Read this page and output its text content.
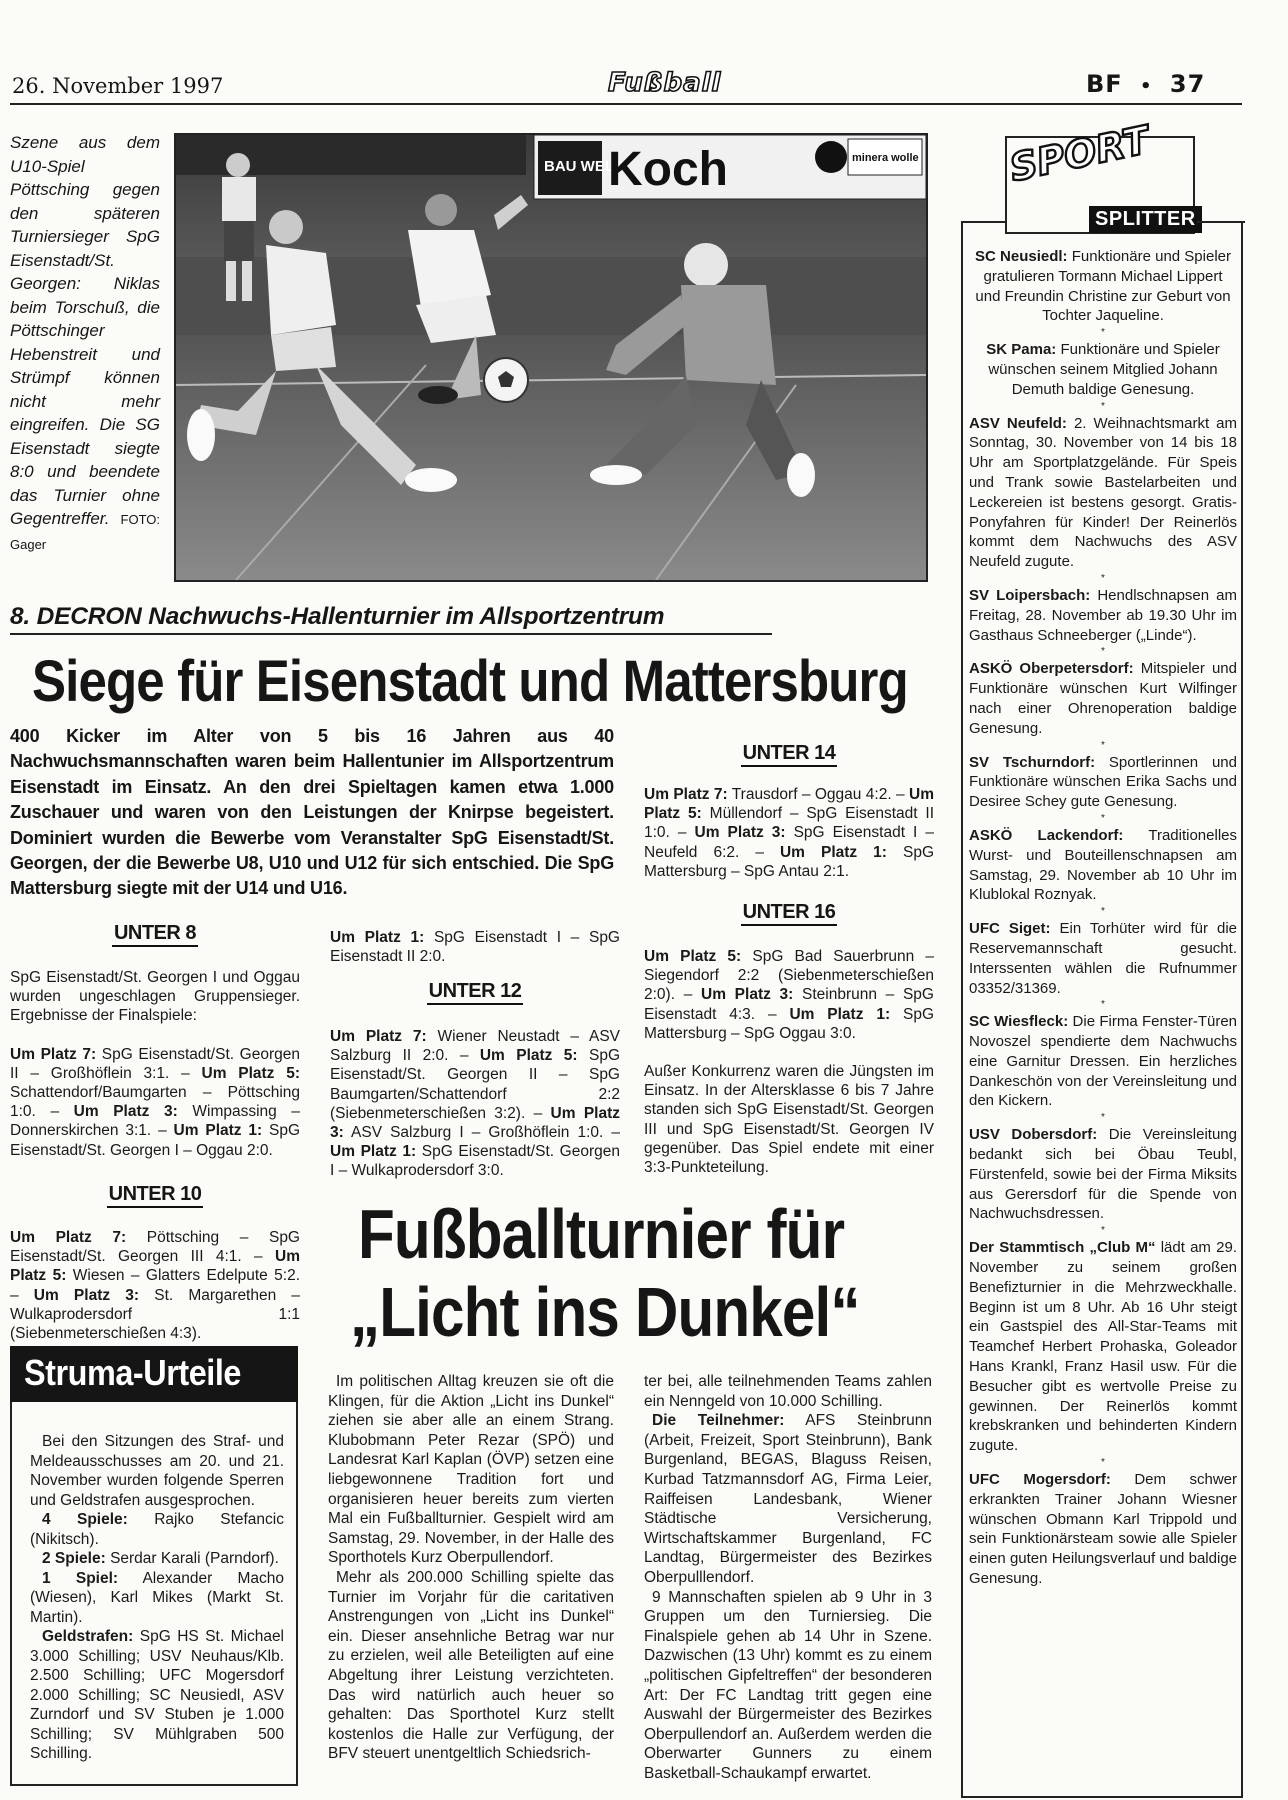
26. November 1997	Fußball	BF • 37
Szene aus dem U10-Spiel Pöttsching gegen den späteren Turniersieger SpG Eisenstadt/St. Georgen: Niklas beim Torschuß, die Pöttschinger Hebenstreit und Strümpf können nicht mehr eingreifen. Die SG Eisenstadt siegte 8:0 und beendete das Turnier ohne Gegentreffer. FOTO: Gager
BAU WELT
Koch	minera wolle SPORT
SPLITTER
SC Neusiedl: Funktionäre und Spieler gratulieren Tormann Michael Lippert und Freundin Christine zur Geburt von Tochter Jaqueline.
*
SK Pama: Funktionäre und Spieler wünschen seinem Mitglied Johann Demuth baldige Genesung.
*
ASV Neufeld: 2. Weihnachtsmarkt am Sonntag, 30. November von 14 bis 18 Uhr am Sportplatzgelände. Für Speis und Trank sowie Bastelarbeiten und Leckereien ist bestens gesorgt. Gratis-Ponyfahren für Kinder! Der Reinerlös kommt dem Nachwuchs des ASV Neufeld zugute.
*
SV Loipersbach: Hendlschnapsen am Freitag, 28. November ab 19.30 Uhr im Gasthaus Schneeberger („Linde“).
*
ASKÖ Oberpetersdorf: Mitspieler und Funktionäre wünschen Kurt Wilfinger nach einer Ohrenoperation baldige Genesung.
*
SV Tschurndorf: Sportlerinnen und Funktionäre wünschen Erika Sachs und Desiree Schey gute Genesung.
*
ASKÖ Lackendorf: Traditionelles Wurst- und Bouteillenschnapsen am Samstag, 29. November ab 10 Uhr im Klublokal Roznyak.
*
UFC Siget: Ein Torhüter wird für die Reservemannschaft gesucht. Interssenten wählen die Rufnummer 03352/31369.
*
SC Wiesfleck: Die Firma Fenster-Türen Novoszel spendierte dem Nachwuchs eine Garnitur Dressen. Ein herzliches Dankeschön von der Vereinsleitung und den Kickern.
*
USV Dobersdorf: Die Vereinsleitung bedankt sich bei Öbau Teubl, Fürstenfeld, sowie bei der Firma Miksits aus Gerersdorf für die Spende von Nachwuchsdressen.
*
Der Stammtisch „Club M“ lädt am 29. November zu seinem großen Benefizturnier in die Mehrzweckhalle. Beginn ist um 8 Uhr. Ab 16 Uhr steigt ein Gastspiel des All-Star-Teams mit Teamchef Herbert Prohaska, Goleador Hans Krankl, Franz Hasil usw. Für die Besucher gibt es wertvolle Preise zu gewinnen. Der Reinerlös kommt krebskranken und behinderten Kindern zugute.
*
UFC Mogersdorf: Dem schwer erkrankten Trainer Johann Wiesner wünschen Obmann Karl Trippold und sein Funktionärsteam sowie alle Spieler einen guten Heilungsverlauf und baldige Genesung.
8. DECRON Nachwuchs-Hallenturnier im Allsportzentrum
Siege für Eisenstadt und Mattersburg
400 Kicker im Alter von 5 bis 16 Jahren aus 40 Nachwuchsmannschaften waren beim Hallentunier im Allsportzentrum Eisenstadt im Einsatz. An den drei Spieltagen kamen etwa 1.000 Zuschauer und waren von den Leistungen der Knirpse begeistert. Dominiert wurden die Bewerbe vom Veranstalter SpG Eisenstadt/St. Georgen, der die Bewerbe U8, U10 und U12 für sich entschied. Die SpG Mattersburg siegte mit der U14 und U16.
UNTER 8

SpG Eisenstadt/St. Georgen I und Oggau wurden ungeschlagen Gruppensieger. Ergebnisse der Finalspiele:

Um Platz 7: SpG Eisenstadt/St. Georgen II – Großhöflein 3:1. – Um Platz 5: Schattendorf/Baumgarten – Pöttsching 1:0. – Um Platz 3: Wimpassing – Donnerskirchen 3:1. – Um Platz 1: SpG Eisenstadt/St. Georgen I – Oggau 2:0.

UNTER 10

Um Platz 7: Pöttsching – SpG Eisenstadt/St. Georgen III 4:1. – Um Platz 5: Wiesen – Glatters Edelpute 5:2. – Um Platz 3: St. Margarethen – Wulkaprodersdorf 1:1 (Siebenmeterschießen 4:3).

Um Platz 1: SpG Eisenstadt I – SpG Eisenstadt II 2:0.

UNTER 12

Um Platz 7: Wiener Neustadt – ASV Salzburg II 2:0. – Um Platz 5: SpG Eisenstadt/St. Georgen II – SpG Baumgarten/Schattendorf 2:2 (Siebenmeterschießen 3:2). – Um Platz 3: ASV Salzburg I – Großhöflein 1:0. – Um Platz 1: SpG Eisenstadt/St. Georgen I – Wulkaprodersdorf 3:0.

UNTER 14

Um Platz 7: Trausdorf – Oggau 4:2. – Um Platz 5: Müllendorf – SpG Eisenstadt II 1:0. – Um Platz 3: SpG Eisenstadt I – Neufeld 6:2. – Um Platz 1: SpG Mattersburg – SpG Antau 2:1.

UNTER 16

Um Platz 5: SpG Bad Sauerbrunn – Siegendorf 2:2 (Siebenmeterschießen 2:0). – Um Platz 3: Steinbrunn – SpG Eisenstadt 4:3. – Um Platz 1: SpG Mattersburg – SpG Oggau 3:0.

Außer Konkurrenz waren die Jüngsten im Einsatz. In der Altersklasse 6 bis 7 Jahre standen sich SpG Eisenstadt/St. Georgen III und SpG Eisenstadt/St. Georgen IV gegenüber. Das Spiel endete mit einer 3:3-Punkteteilung.

Struma-Urteile

Bei den Sitzungen des Straf- und Meldeausschusses am 20. und 21. November wurden folgende Sperren und Geldstrafen ausgesprochen.

4 Spiele: Rajko Stefancic (Nikitsch).

2 Spiele: Serdar Karali (Parndorf).

1 Spiel: Alexander Macho (Wiesen), Karl Mikes (Markt St. Martin).

Geldstrafen: SpG HS St. Michael 3.000 Schilling; USV Neuhaus/Klb. 2.500 Schilling; UFC Mogersdorf 2.000 Schilling; SC Neusiedl, ASV Zurndorf und SV Stuben je 1.000 Schilling; SV Mühlgraben 500 Schilling.

Fußballturnier für
„Licht ins Dunkel“

Im politischen Alltag kreuzen sie oft die Klingen, für die Aktion „Licht ins Dunkel“ ziehen sie aber alle an einem Strang. Klubobmann Peter Rezar (SPÖ) und Landesrat Karl Kaplan (ÖVP) setzen eine liebgewonnene Tradition fort und organisieren heuer bereits zum vierten Mal ein Fußballturnier. Gespielt wird am Samstag, 29. November, in der Halle des Sporthotels Kurz Oberpullendorf.

Mehr als 200.000 Schilling spielte das Turnier im Vorjahr für die caritativen Anstrengungen von „Licht ins Dunkel“ ein. Dieser ansehnliche Betrag war nur zu erzielen, weil alle Beteiligten auf eine Abgeltung ihrer Leistung verzichteten. Das wird natürlich auch heuer so gehalten: Das Sporthotel Kurz stellt kostenlos die Halle zur Verfügung, der BFV steuert unentgeltlich Schiedsrich-

ter bei, alle teilnehmenden Teams zahlen ein Nenngeld von 10.000 Schilling.

Die Teilnehmer: AFS Steinbrunn (Arbeit, Freizeit, Sport Steinbrunn), Bank Burgenland, BEGAS, Blaguss Reisen, Kurbad Tatzmannsdorf AG, Firma Leier, Raiffeisen Landesbank, Wiener Städtische Versicherung, Wirtschaftskammer Burgenland, FC Landtag, Bürgermeister des Bezirkes Oberpulllendorf.

9 Mannschaften spielen ab 9 Uhr in 3 Gruppen um den Turniersieg. Die Finalspiele gehen ab 14 Uhr in Szene. Dazwischen (13 Uhr) kommt es zu einem „politischen Gipfeltreffen“ der besonderen Art: Der FC Landtag tritt gegen eine Auswahl der Bürgermeister des Bezirkes Oberpullendorf an. Außerdem werden die Oberwarter Gunners zu einem Basketball-Schaukampf erwartet.
